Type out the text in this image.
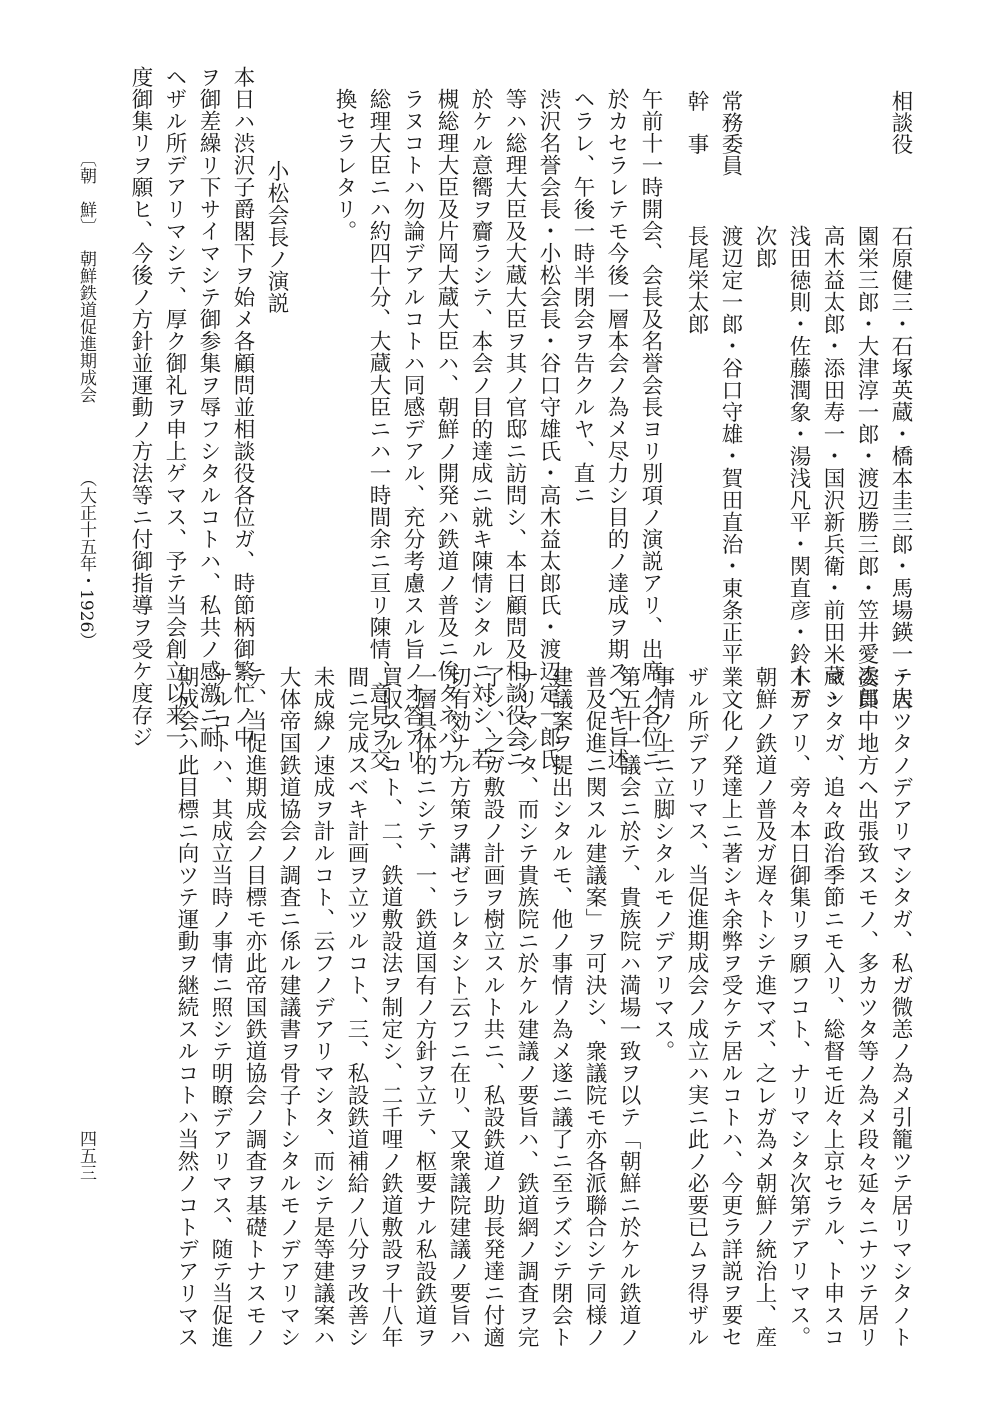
相談役
石原健三・石塚英蔵・橋本圭三郎・馬場鍈一・大
園栄三郎・大津淳一郎・渡辺勝三郎・笠井愛次郎
高木益太郎・添田寿一・国沢新兵衛・前田米蔵・
浅田徳則・佐藤潤象・湯浅凡平・関直彦・鈴木万
次郎
常務委員
渡辺定一郎・谷口守雄・賀田直治・東条正平
幹　事
長尾栄太郎
午前十一時開会、会長及名誉会長ヨリ別項ノ演説アリ、出席ノ各位ニ
於カセラレテモ今後一層本会ノ為メ尽力シ目的ノ達成ヲ期スヘキ旨述
ヘラレ、午後一時半閉会ヲ告クルヤ、直ニ
渋沢名誉会長・小松会長・谷口守雄氏・高木益太郎氏・渡辺定一郎氏
等ハ総理大臣及大蔵大臣ヲ其ノ官邸ニ訪問シ、本日顧問及相談役会ニ
於ケル意嚮ヲ齎ラシテ、本会ノ目的達成ニ就キ陳情シタルニ対シ、若
槻総理大臣及片岡大蔵大臣ハ、朝鮮ノ開発ハ鉄道ノ普及ニ俟タネバナ
ラヌコトハ勿論デアルコトハ同感デアル、充分考慮スル旨ノオ答アリ
総理大臣ニハ約四十分、大蔵大臣ニハ一時間余ニ亘リ陳情、意見ヲ交
換セラレタリ。
小松会長ノ演説
本日ハ渋沢子爵閣下ヲ始メ各顧問並相談役各位ガ、時節柄御繁忙ノ中
ヲ御差繰リ下サイマシテ御参集ヲ辱フシタルコトハ、私共ノ感激ニ耐
ヘザル所デアリマシテ、厚ク御礼ヲ申上ゲマス、予テ当会創立以来一
度御集リヲ願ヒ、今後ノ方針並運動ノ方法等ニ付御指導ヲ受ケ度存ジ
〔朝　鮮〕
朝鮮鉄道促進期成会
（大正十五年・1926）
テ居ツタノデアリマシタガ、私ガ微恙ノ為メ引籠ツテ居リマシタノト
委員中地方ヘ出張致スモノ、多カツタ等ノ為メ段々延々ニナツテ居リ
マシタガ、追々政治季節ニモ入リ、総督モ近々上京セラル、ト申スコ
トデアリ、旁々本日御集リヲ願フコト、ナリマシタ次第デアリマス。
朝鮮ノ鉄道ノ普及ガ遅々トシテ進マズ、之レガ為メ朝鮮ノ統治上、産
業文化ノ発達上ニ著シキ余弊ヲ受ケテ居ルコトハ、今更ラ詳説ヲ要セ
ザル所デアリマス、当促進期成会ノ成立ハ実ニ此ノ必要已ムヲ得ザル
事情ノ上ニ立脚シタルモノデアリマス。
第五十一議会ニ於テ、貴族院ハ満場一致ヲ以テ「朝鮮ニ於ケル鉄道ノ
普及促進ニ関スル建議案」ヲ可決シ、衆議院モ亦各派聯合シテ同様ノ
建議案ヲ提出シタルモ、他ノ事情ノ為メ遂ニ議了ニ至ラズシテ閉会ト
ナリマシタ、而シテ貴族院ニ於ケル建議ノ要旨ハ、鉄道網ノ調査ヲ完
了シ、之ガ敷設ノ計画ヲ樹立スルト共ニ、私設鉄道ノ助長発達ニ付適
切有効ナル方策ヲ講ゼラレタシト云フニ在リ、又衆議院建議ノ要旨ハ
一層具体的ニシテ、一、鉄道国有ノ方針ヲ立テ、枢要ナル私設鉄道ヲ
買収スルコト、二、鉄道敷設法ヲ制定シ、二千哩ノ鉄道敷設ヲ十八年
間ニ完成スベキ計画ヲ立ツルコト、三、私設鉄道補給ノ八分ヲ改善シ
未成線ノ速成ヲ計ルコト、云フノデアリマシタ、而シテ是等建議案ハ
大体帝国鉄道協会ノ調査ニ係ル建議書ヲ骨子トシタルモノデアリマシ
テ、当促進期成会ノ目標モ亦此帝国鉄道協会ノ調査ヲ基礎トナスモノ
ナルコトハ、其成立当時ノ事情ニ照シテ明瞭デアリマス、随テ当促進
期成会ハ此目標ニ向ツテ運動ヲ継続スルコトハ当然ノコトデアリマス
四五三
